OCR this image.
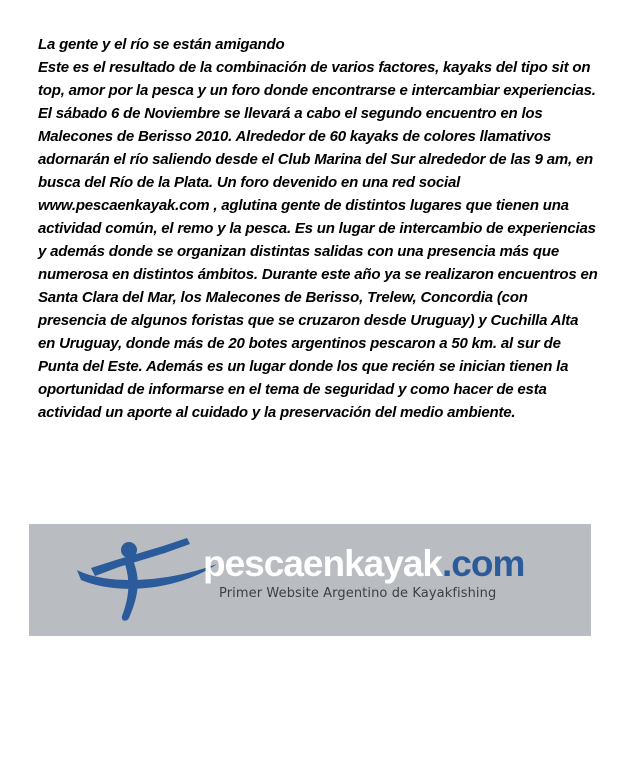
La gente y el río se están amigando

Este es el resultado de la combinación de varios factores, kayaks del tipo sit on top, amor por la pesca y un foro donde encontrarse e intercambiar experiencias.

El sábado 6 de Noviembre se llevará a cabo el segundo encuentro en los Malecones de Berisso 2010. Alrededor de 60 kayaks de colores llamativos adornarán el río saliendo desde el Club Marina del Sur alrededor de las 9 am, en busca del Río de la Plata. Un foro devenido en una red social www.pescaenkayak.com , aglutina gente de distintos lugares que tienen una actividad común, el remo y la pesca. Es un lugar de intercambio de experiencias y además donde se organizan distintas salidas con una presencia más que numerosa en distintos ámbitos. Durante este año ya se realizaron encuentros en Santa Clara del Mar, los Malecones de Berisso, Trelew, Concordia (con presencia de algunos foristas que se cruzaron desde Uruguay) y Cuchilla Alta en Uruguay, donde más de 20 botes argentinos pescaron a 50 km. al sur de Punta del Este. Además es un lugar donde los que recién se inician tienen la oportunidad de informarse en el tema de seguridad y como hacer de esta actividad un aporte al cuidado y la preservación del medio ambiente.

pescaenkayak.com
Primer Website Argentino de Kayakfishing
